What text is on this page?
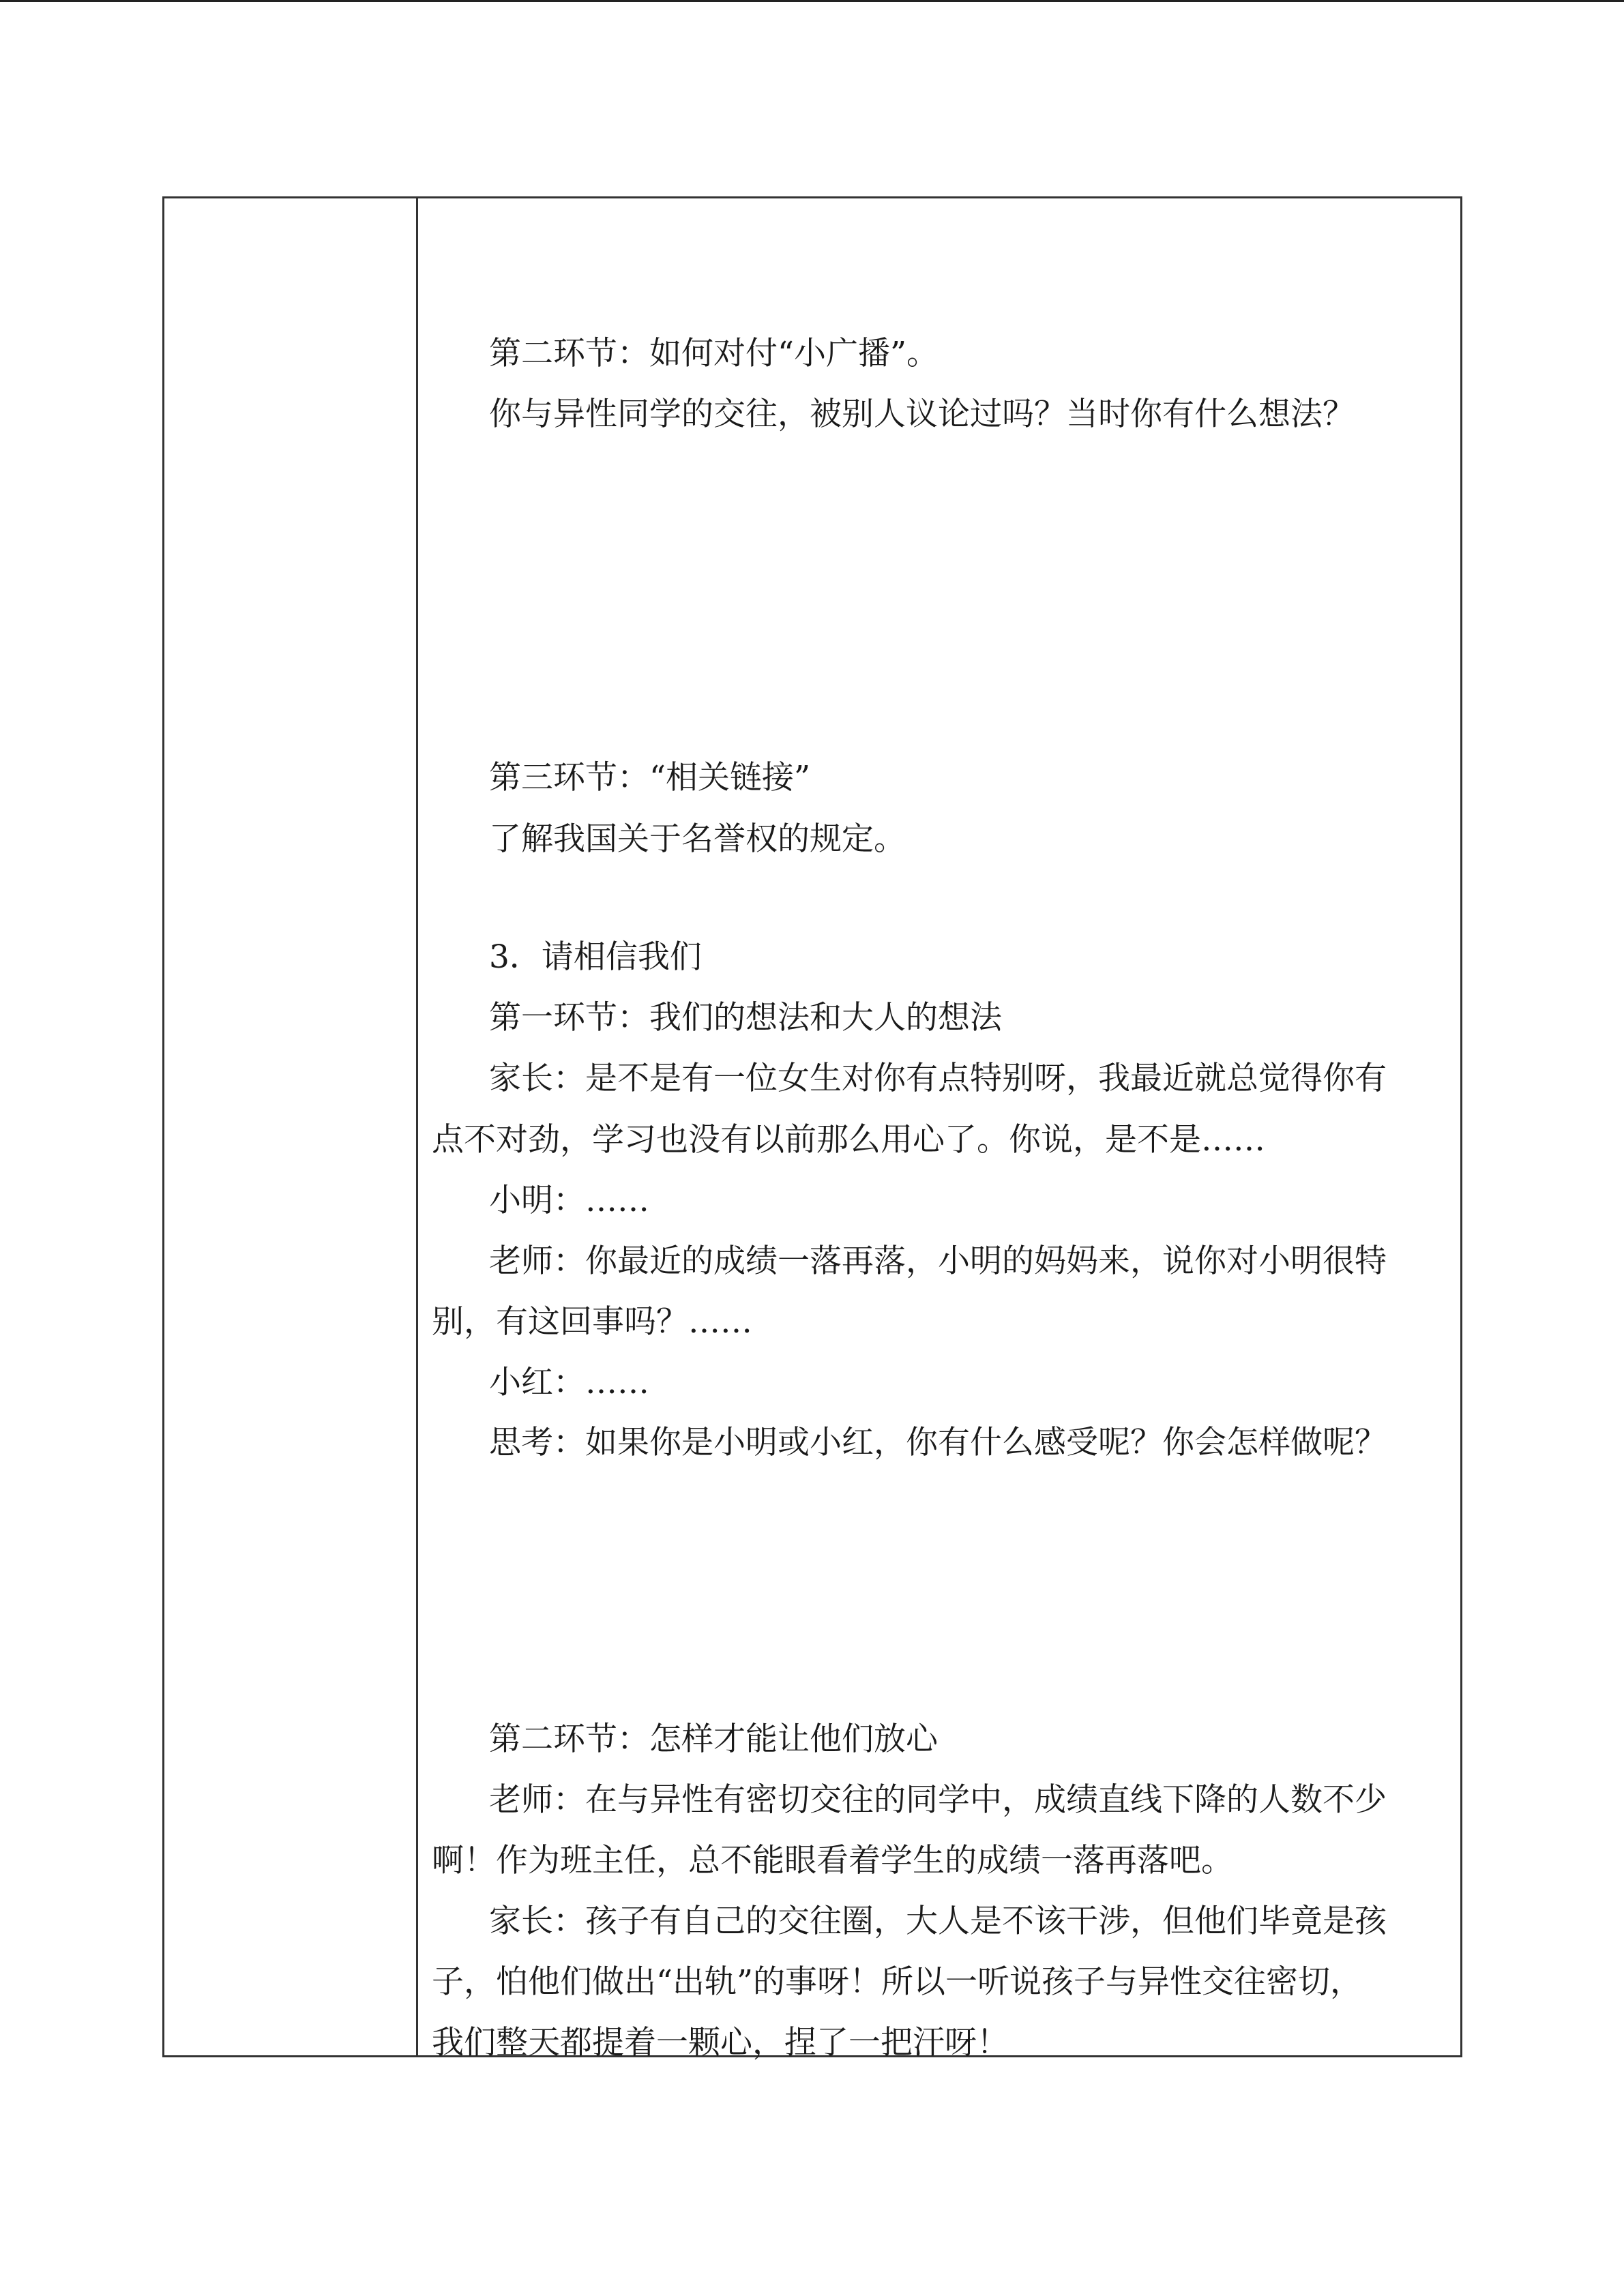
第二环节：如何对付“小广播”。
你与异性同学的交往，被别人议论过吗？当时你有什么想法？
第三环节：“相关链接”
了解我国关于名誉权的规定。
3．请相信我们
第一环节：我们的想法和大人的想法
家长：是不是有一位女生对你有点特别呀，我最近就总觉得你有
点不对劲，学习也没有以前那么用心了。你说，是不是……
小明：……
老师：你最近的成绩一落再落，小明的妈妈来，说你对小明很特
别，有这回事吗？……
小红：……
思考：如果你是小明或小红，你有什么感受呢？你会怎样做呢？
第二环节：怎样才能让他们放心
老师：在与异性有密切交往的同学中，成绩直线下降的人数不少
啊！作为班主任，总不能眼看着学生的成绩一落再落吧。
家长：孩子有自己的交往圈，大人是不该干涉，但他们毕竟是孩
子，怕他们做出“出轨”的事呀！所以一听说孩子与异性交往密切，
我们整天都提着一颗心，捏了一把汗呀！
